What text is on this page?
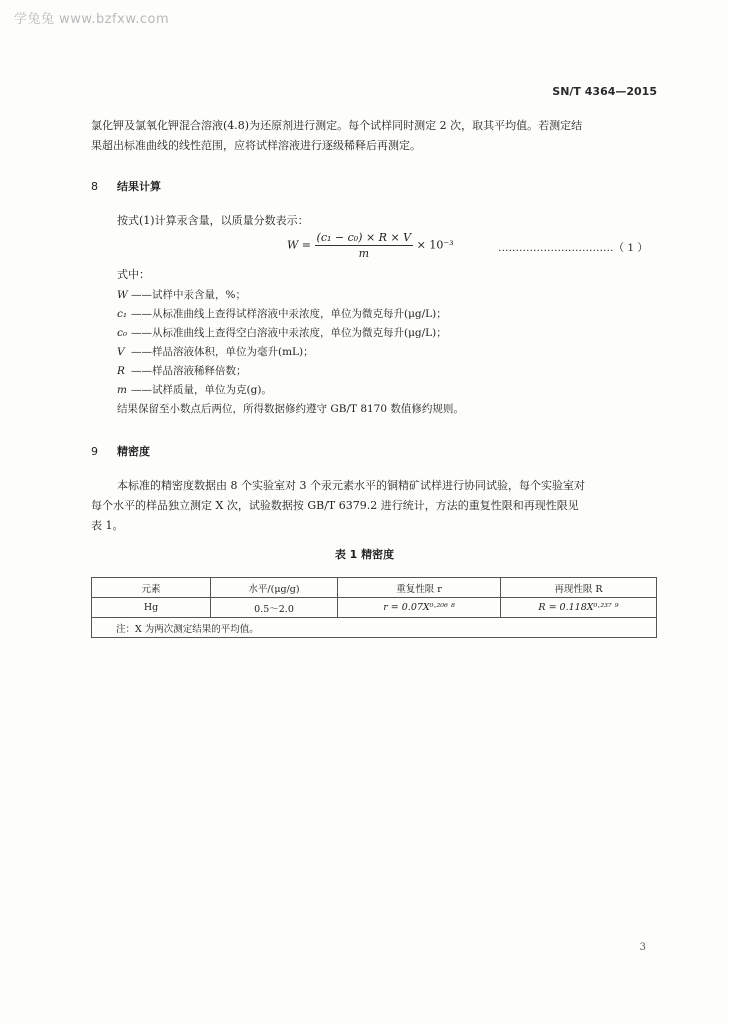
学兔兔 www.bzfxw.com
SN/T 4364—2015
氯化钾及氯氧化钾混合溶液(4.8)为还原剂进行测定。每个试样同时测定 2 次，取其平均值。若测定结
果超出标准曲线的线性范围，应将试样溶液进行逐级稀释后再测定。
8 结果计算
按式(1)计算汞含量，以质量分数表示：
$W = \frac{\text{(c₁ − c₀) × R × V}}{m} \times 10^{-3}$	……………………………（ 1 ）
式中：
W ——试样中汞含量，%；
c₁ ——从标准曲线上查得试样溶液中汞浓度，单位为微克每升(μg/L)；
c₀ ——从标准曲线上查得空白溶液中汞浓度，单位为微克每升(μg/L)；
V ——样品溶液体积，单位为毫升(mL)；
R ——样品溶液稀释倍数；
m ——试样质量，单位为克(g)。
结果保留至小数点后两位，所得数据修约遵守 GB/T 8170 数值修约规则。
9 精密度
本标准的精密度数据由 8 个实验室对 3 个汞元素水平的铜精矿试样进行协同试验，每个实验室对
每个水平的样品独立测定 X 次，试验数据按 GB/T 6379.2 进行统计，方法的重复性限和再现性限见
表 1。
表 1 精密度
元素	水平/(μg/g)	重复性限 r	再现性限 R
Hg	0.5～2.0	r = 0.07X⁰·²⁰⁶ ⁸	R = 0.118X⁰·²³⁷ ⁹
注：X 为两次测定结果的平均值。			
3
